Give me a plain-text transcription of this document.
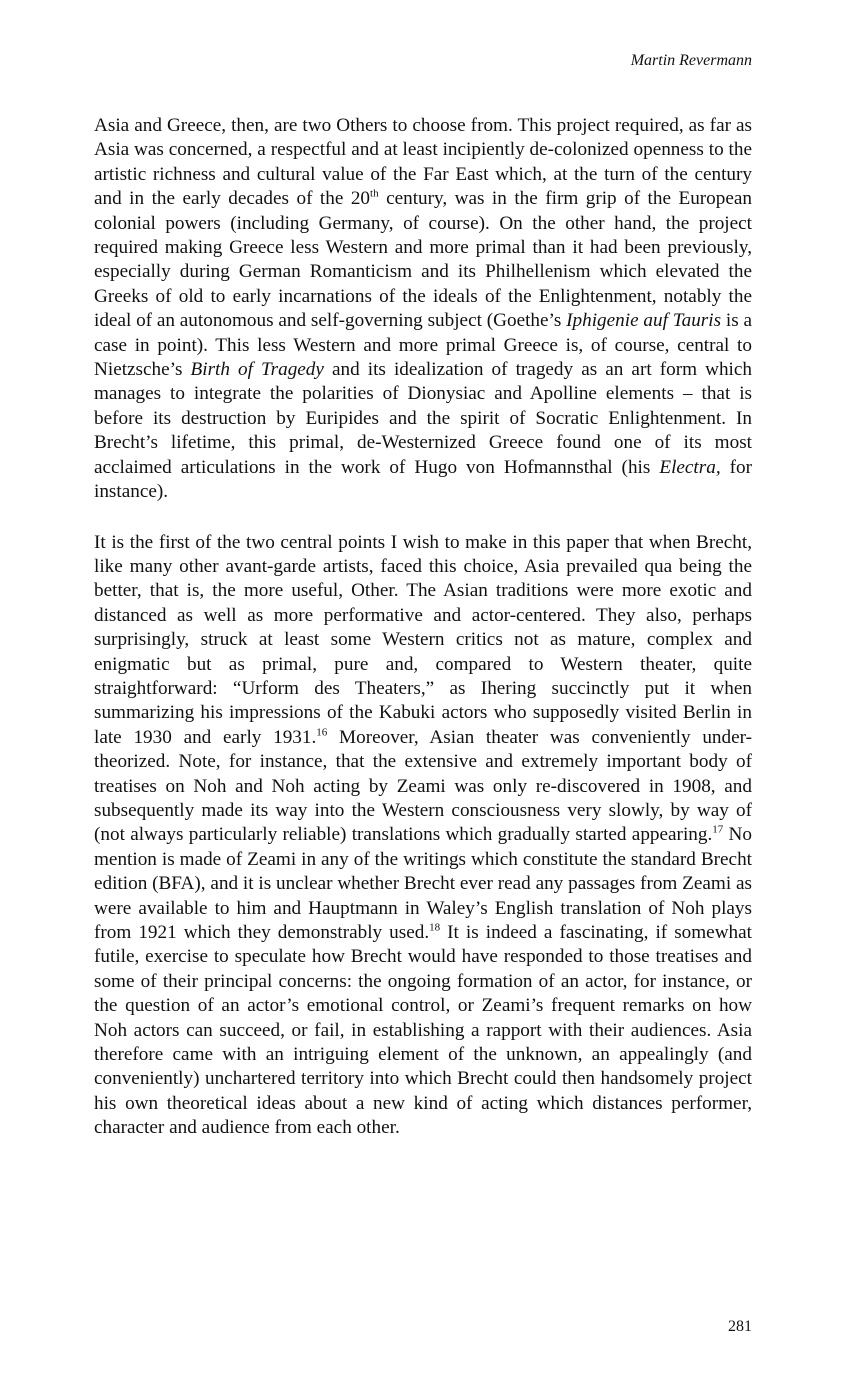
Martin Revermann

Asia and Greece, then, are two Others to choose from. This project required, as far as Asia was concerned, a respectful and at least incipiently de-colonized openness to the artistic richness and cultural value of the Far East which, at the turn of the century and in the early decades of the 20th century, was in the firm grip of the European colonial powers (including Germany, of course). On the other hand, the project required making Greece less Western and more primal than it had been previously, especially during German Romanticism and its Philhellenism which elevated the Greeks of old to early incarnations of the ideals of the Enlightenment, notably the ideal of an autonomous and self-governing subject (Goethe’s Iphigenie auf Tauris is a case in point). This less Western and more primal Greece is, of course, central to Nietzsche’s Birth of Tragedy and its idealization of tragedy as an art form which manages to integrate the polarities of Dionysiac and Apolline elements – that is before its destruction by Euripides and the spirit of Socratic Enlightenment. In Brecht’s lifetime, this primal, de-Westernized Greece found one of its most acclaimed articulations in the work of Hugo von Hofmannsthal (his Electra, for instance).

It is the first of the two central points I wish to make in this paper that when Brecht, like many other avant-garde artists, faced this choice, Asia prevailed qua being the better, that is, the more useful, Other. The Asian traditions were more exotic and distanced as well as more performative and actor-centered. They also, perhaps surprisingly, struck at least some Western critics not as mature, complex and enigmatic but as primal, pure and, compared to Western theater, quite straightforward: “Urform des Theaters,” as Ihering succinctly put it when summarizing his impressions of the Kabuki actors who supposedly visited Berlin in late 1930 and early 1931.16 Moreover, Asian theater was conveniently under-theorized. Note, for instance, that the extensive and extremely important body of treatises on Noh and Noh acting by Zeami was only re-discovered in 1908, and subsequently made its way into the Western consciousness very slowly, by way of (not always particularly reliable) translations which gradually started appearing.$^{17}$ No mention is made of Zeami in any of the writings which constitute the standard Brecht edition (BFA), and it is unclear whether Brecht ever read any passages from Zeami as were available to him and Hauptmann in Waley’s English translation of Noh plays from 1921 which they demonstrably used.$^{18}$ It is indeed a fascinating, if somewhat futile, exercise to speculate how Brecht would have responded to those treatises and some of their principal concerns: the ongoing formation of an actor, for instance, or the question of an actor’s emotional control, or Zeami’s frequent remarks on how Noh actors can succeed, or fail, in establishing a rapport with their audiences. Asia therefore came with an intriguing element of the unknown, an appealingly (and conveniently) unchartered territory into which Brecht could then handsomely project his own theoretical ideas about a new kind of acting which distances performer, character and audience from each other.

281
